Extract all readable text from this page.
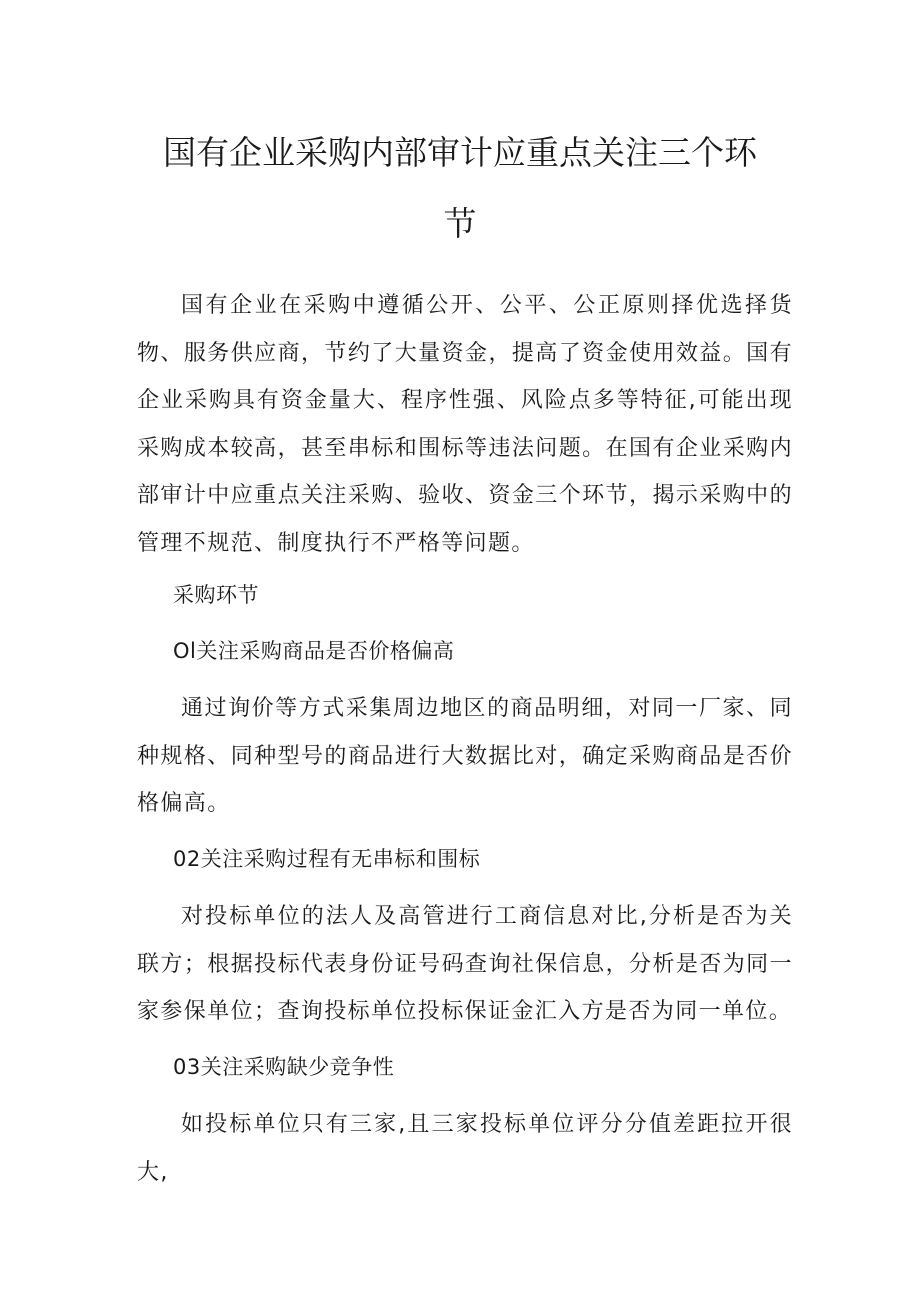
国有企业采购内部审计应重点关注三个环
节

国有企业在采购中遵循公开、公平、公正原则择优选择货物、服务供应商，节约了大量资金，提高了资金使用效益。国有企业采购具有资金量大、程序性强、风险点多等特征,可能出现采购成本较高，甚至串标和围标等违法问题。在国有企业采购内部审计中应重点关注采购、验收、资金三个环节，揭示采购中的管理不规范、制度执行不严格等问题。

采购环节

Ol关注采购商品是否价格偏高

通过询价等方式采集周边地区的商品明细，对同一厂家、同种规格、同种型号的商品进行大数据比对，确定采购商品是否价格偏高。

02关注采购过程有无串标和围标

对投标单位的法人及高管进行工商信息对比,分析是否为关联方；根据投标代表身份证号码查询社保信息，分析是否为同一家参保单位；查询投标单位投标保证金汇入方是否为同一单位。

03关注采购缺少竞争性

如投标单位只有三家,且三家投标单位评分分值差距拉开很大,
